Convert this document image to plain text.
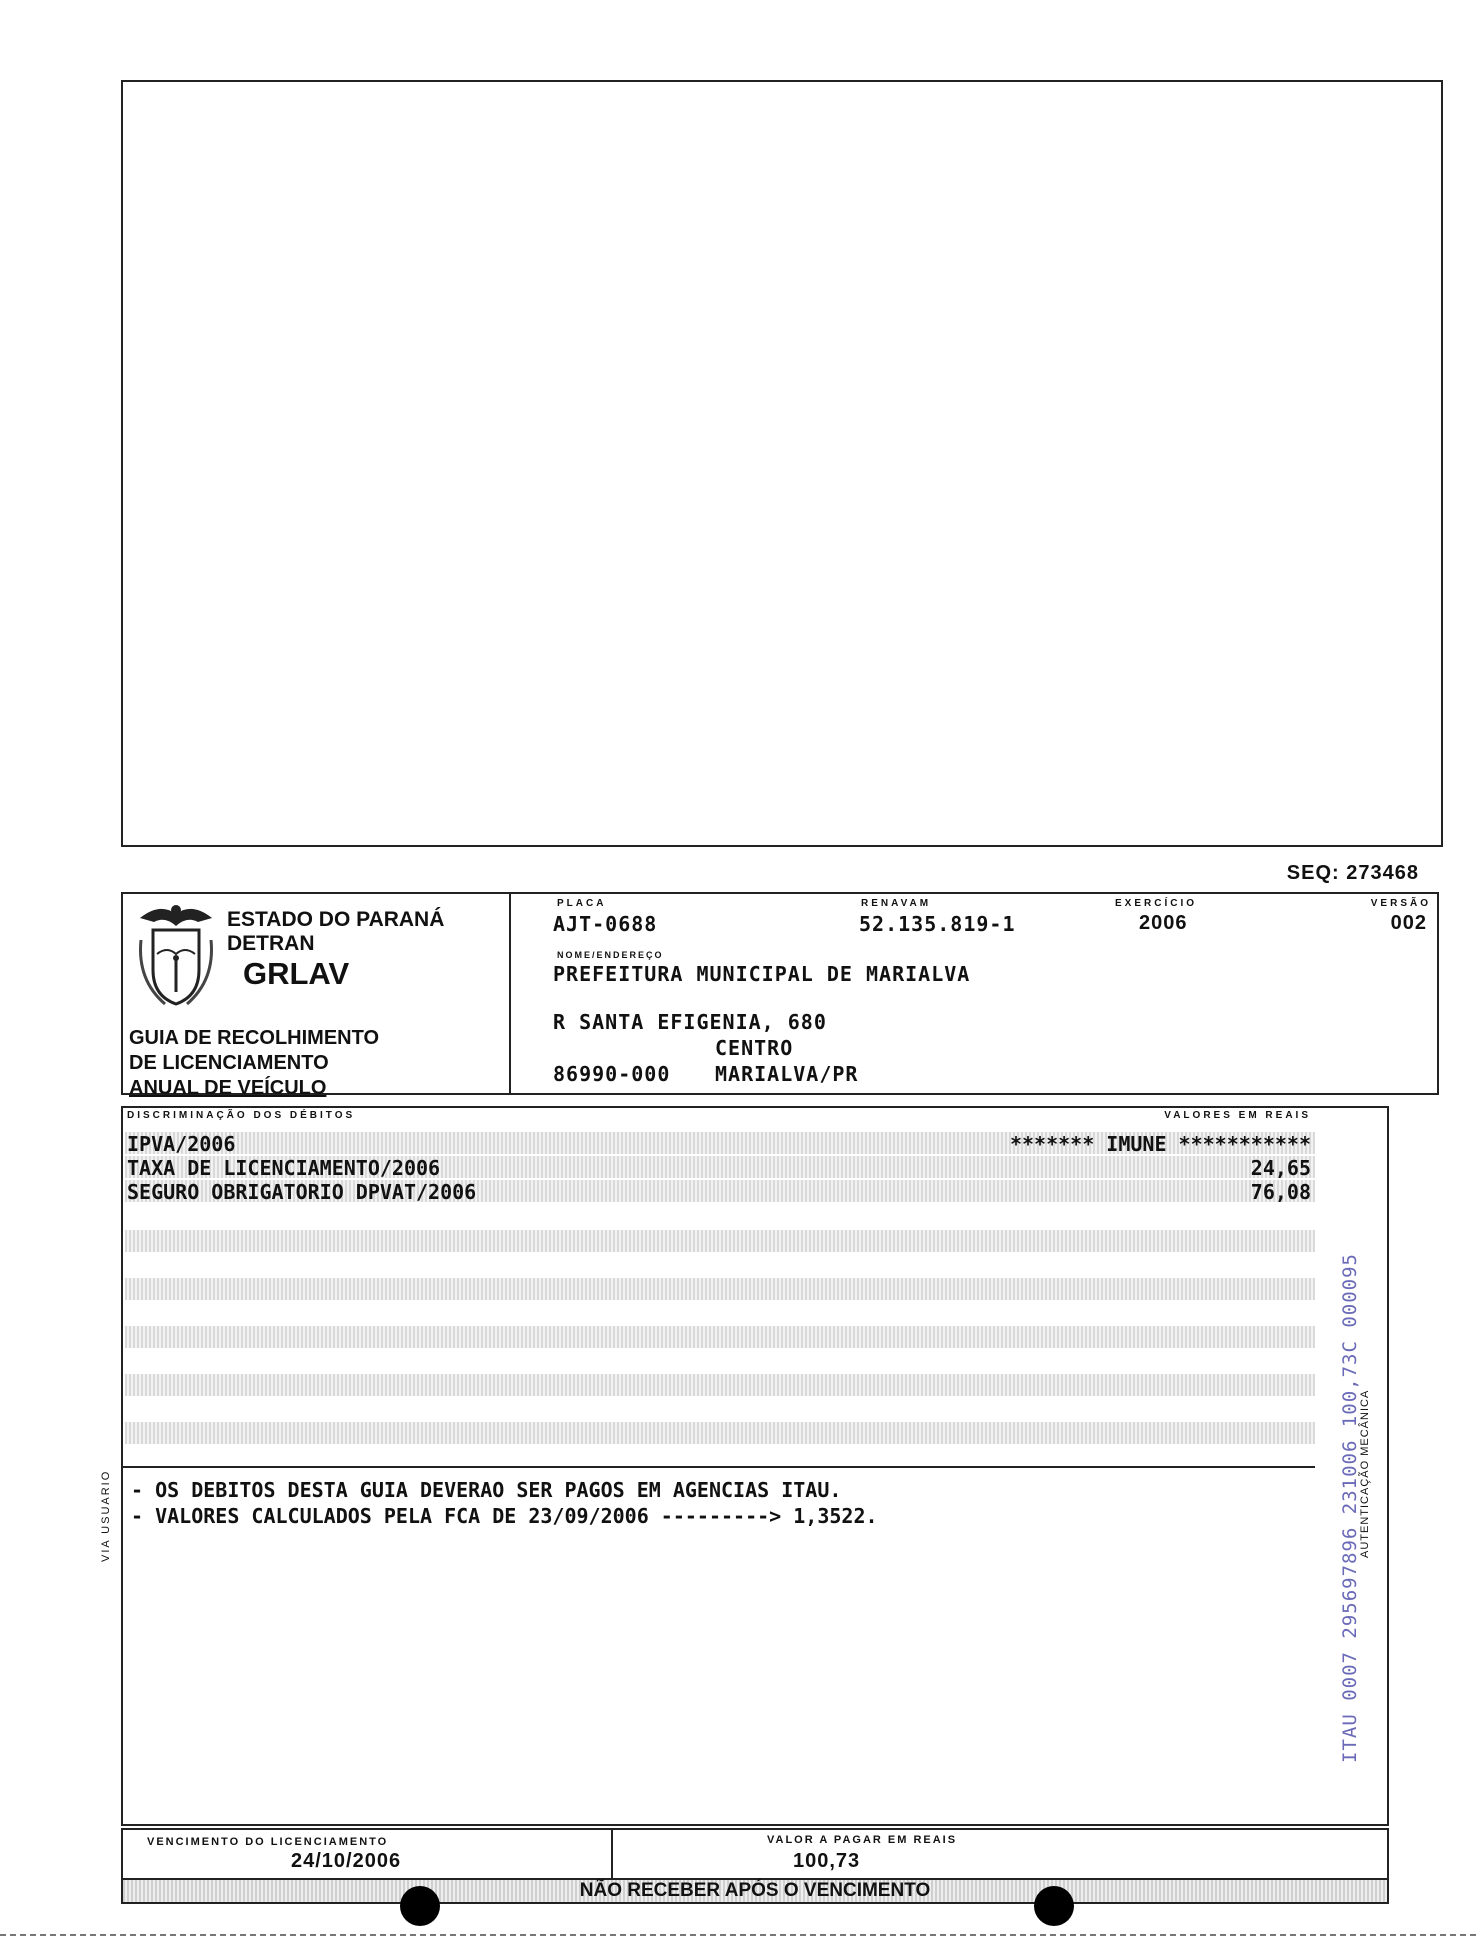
SEQ: 273468
ESTADO DO PARANÁ
DETRAN
GRLAV
GUIA DE RECOLHIMENTO
DE LICENCIAMENTO
ANUAL DE VEÍCULO
PLACA
AJT-0688
RENAVAM
52.135.819-1
EXERCÍCIO
2006
VERSÃO
002
NOME/ENDEREÇO
PREFEITURA MUNICIPAL DE MARIALVA
R SANTA EFIGENIA, 680
CENTRO
86990-000 MARIALVA/PR
DISCRIMINAÇÃO DOS DÉBITOS	VALORES EM REAIS
IPVA/2006	******* IMUNE ***********
TAXA DE LICENCIAMENTO/2006	24,65
SEGURO OBRIGATORIO DPVAT/2006	76,08
- OS DEBITOS DESTA GUIA DEVERAO SER PAGOS EM AGENCIAS ITAU.
- VALORES CALCULADOS PELA FCA DE 23/09/2006 ---------> 1,3522.	ITAU 0007 295697896 231006 100,73C 000095
AUTENTICAÇÃO MECÂNICA
VIA USUARIO
VENCIMENTO DO LICENCIAMENTO
24/10/2006
VALOR A PAGAR EM REAIS
100,73
NÃO RECEBER APÓS O VENCIMENTO
